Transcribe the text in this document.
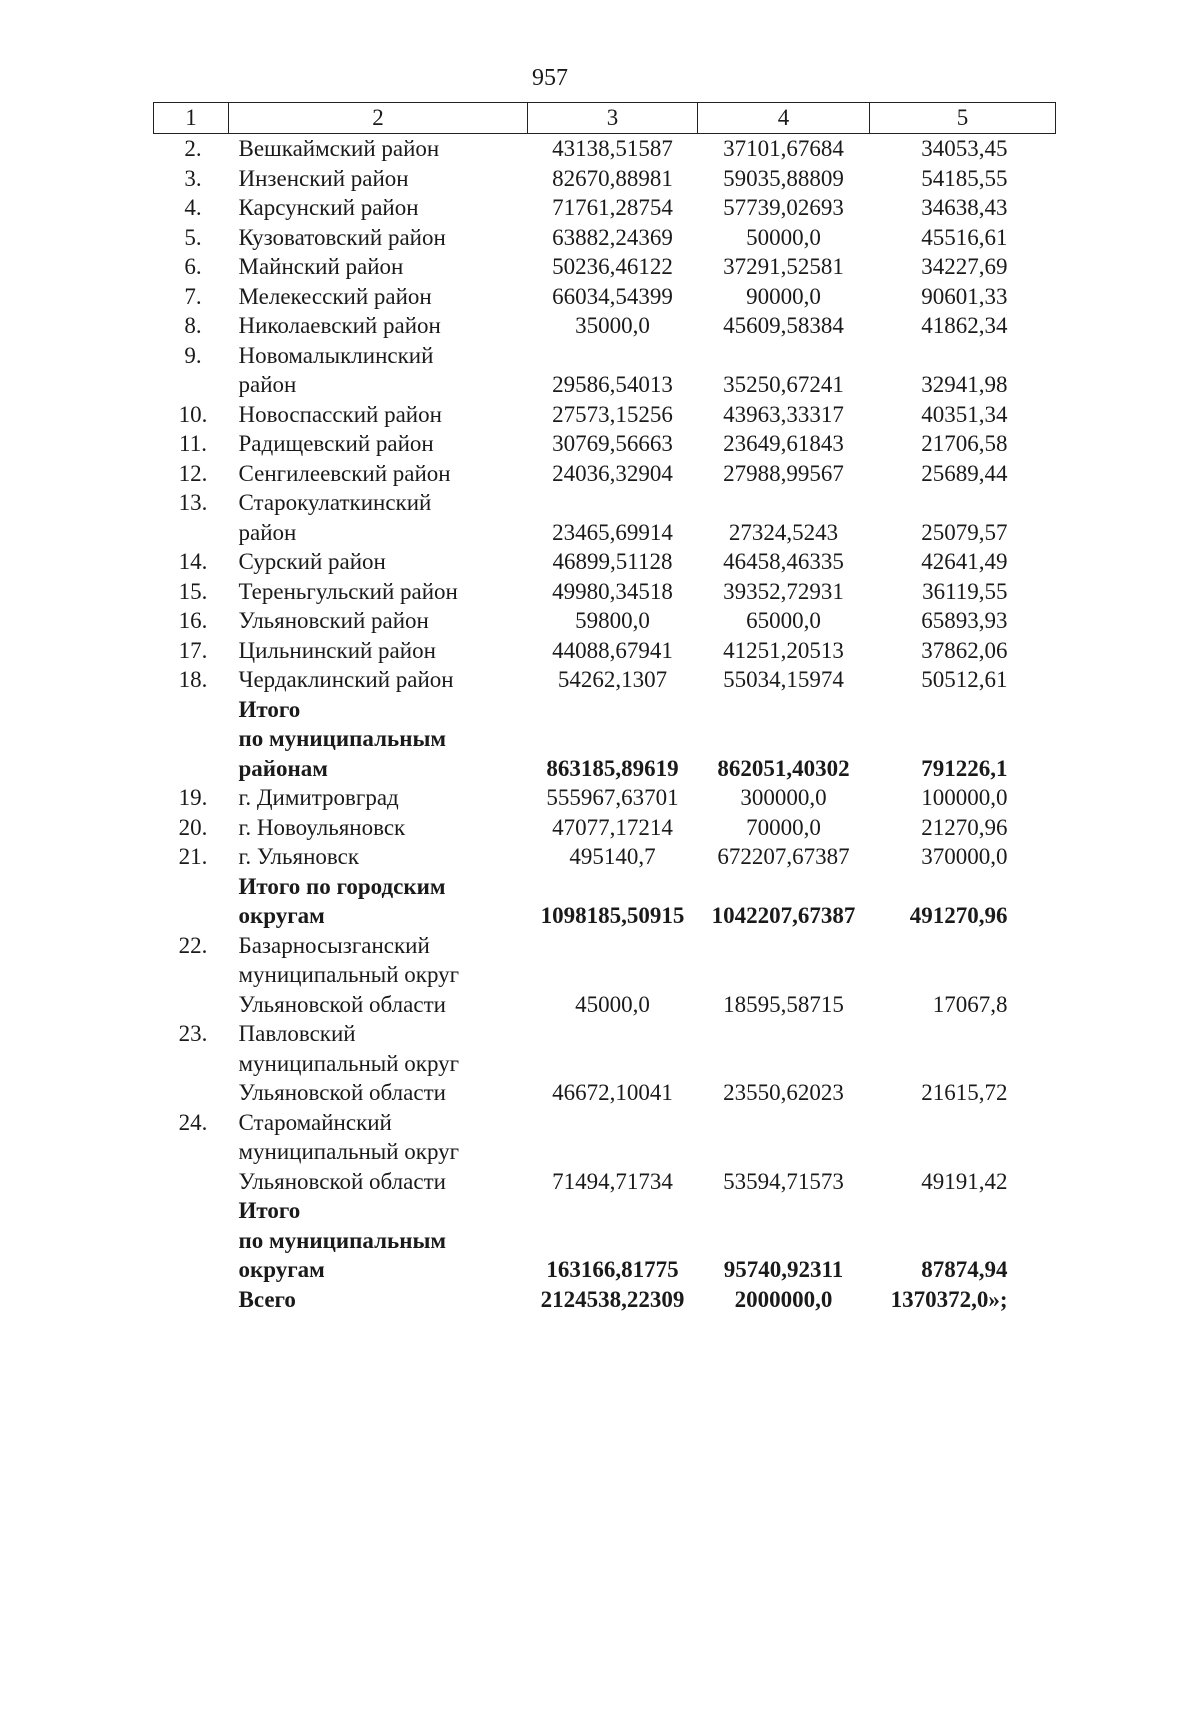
957
1	2	3	4	5
2.	Вешкаймский район	43138,51587	37101,67684	34053,45
3.	Инзенский район	82670,88981	59035,88809	54185,55
4.	Карсунский район	71761,28754	57739,02693	34638,43
5.	Кузоватовский район	63882,24369	50000,0	45516,61
6.	Майнский район	50236,46122	37291,52581	34227,69
7.	Мелекесский район	66034,54399	90000,0	90601,33
8.	Николаевский район	35000,0	45609,58384	41862,34
9.	Новомалыклинский
район	29586,54013	35250,67241	32941,98
10.	Новоспасский район	27573,15256	43963,33317	40351,34
11.	Радищевский район	30769,56663	23649,61843	21706,58
12.	Сенгилеевский район	24036,32904	27988,99567	25689,44
13.	Старокулаткинский
район	23465,69914	27324,5243	25079,57
14.	Сурский район	46899,51128	46458,46335	42641,49
15.	Тереньгульский район	49980,34518	39352,72931	36119,55
16.	Ульяновский район	59800,0	65000,0	65893,93
17.	Цильнинский район	44088,67941	41251,20513	37862,06
18.	Чердаклинский район	54262,1307	55034,15974	50512,61

	Итого
по муниципальным
районам	863185,89619	862051,40302	791226,1
19.	г. Димитровград	555967,63701	300000,0	100000,0
20.	г. Новоульяновск	47077,17214	70000,0	21270,96
21.	г. Ульяновск	495140,7	672207,67387	370000,0

	Итого по городским
округам	1098185,50915	1042207,67387	491270,96
22.	Базарносызганский
муниципальный округ
Ульяновской области	45000,0	18595,58715	17067,8
23.	Павловский
муниципальный округ
Ульяновской области	46672,10041	23550,62023	21615,72
24.	Старомайнский
муниципальный округ
Ульяновской области	71494,71734	53594,71573	49191,42

	Итого
по муниципальным
округам	163166,81775	95740,92311	87874,94

	Всего	2124538,22309	2000000,0	1370372,0»;
